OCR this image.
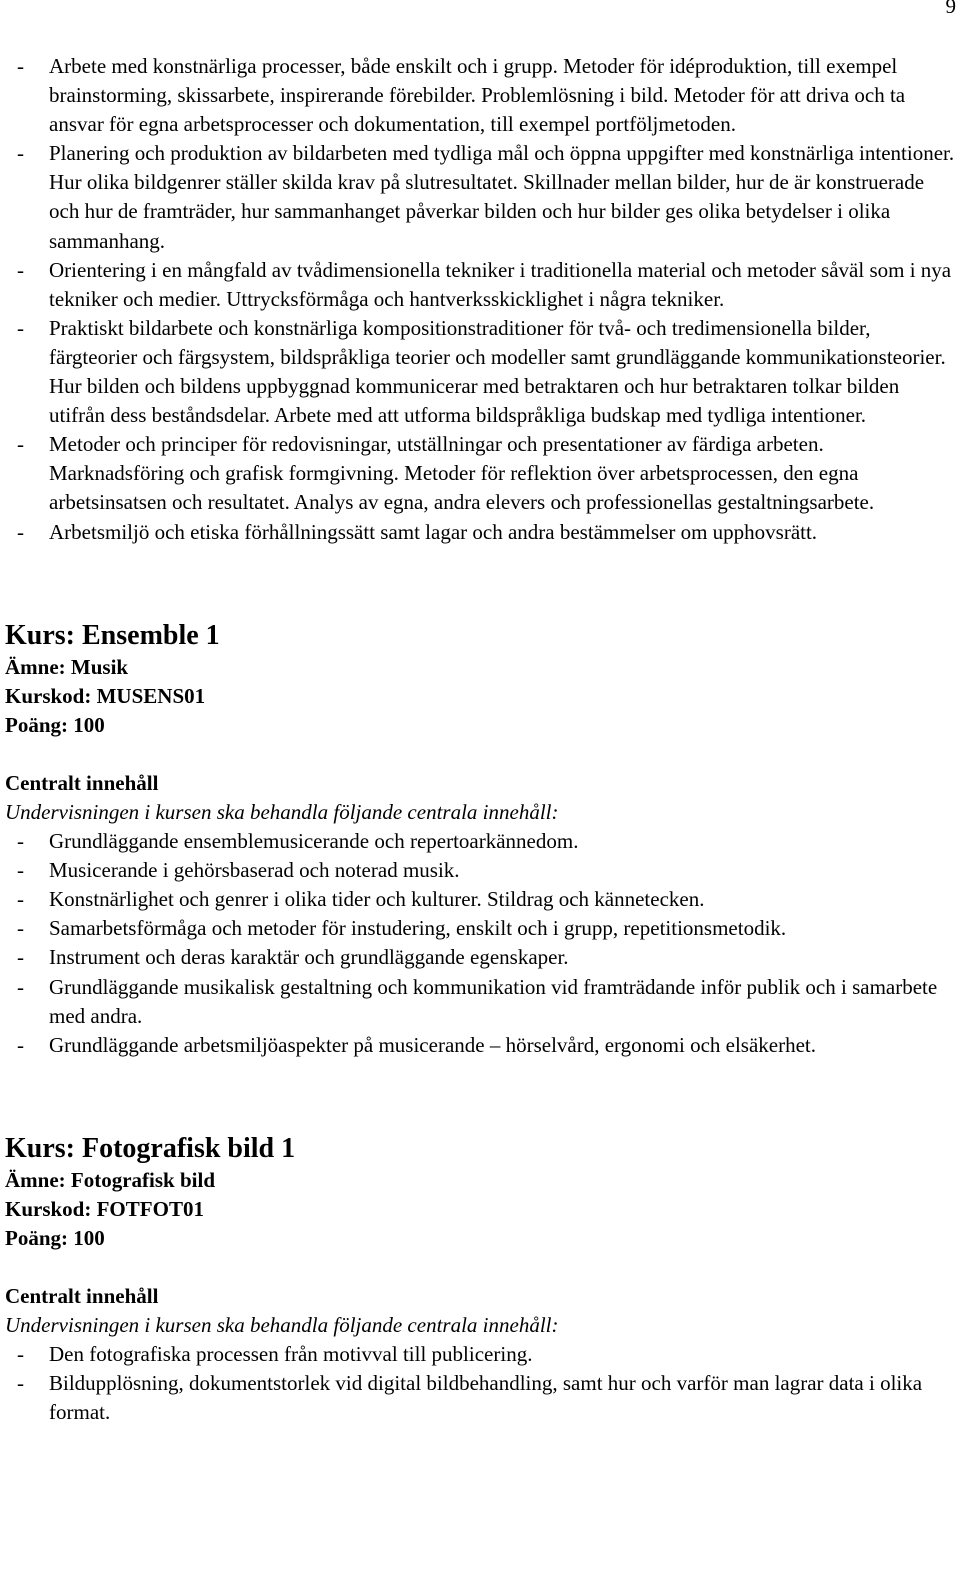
9
- Arbete med konstnärliga processer, både enskilt och i grupp. Metoder för idéproduktion, till exempel brainstorming, skissarbete, inspirerande förebilder. Problemlösning i bild. Metoder för att driva och ta ansvar för egna arbetsprocesser och dokumentation, till exempel portföljmetoden.
- Planering och produktion av bildarbeten med tydliga mål och öppna uppgifter med konstnärliga intentioner. Hur olika bildgenrer ställer skilda krav på slutresultatet. Skillnader mellan bilder, hur de är konstruerade och hur de framträder, hur sammanhanget påverkar bilden och hur bilder ges olika betydelser i olika sammanhang.
- Orientering i en mångfald av tvådimensionella tekniker i traditionella material och metoder såväl som i nya tekniker och medier. Uttrycksförmåga och hantverksskicklighet i några tekniker.
- Praktiskt bildarbete och konstnärliga kompositionstraditioner för två- och tredimensionella bilder, färgteorier och färgsystem, bildspråkliga teorier och modeller samt grundläggande kommunikationsteorier. Hur bilden och bildens uppbyggnad kommunicerar med betraktaren och hur betraktaren tolkar bilden utifrån dess beståndsdelar. Arbete med att utforma bildspråkliga budskap med tydliga intentioner.
- Metoder och principer för redovisningar, utställningar och presentationer av färdiga arbeten. Marknadsföring och grafisk formgivning. Metoder för reflektion över arbetsprocessen, den egna arbetsinsatsen och resultatet. Analys av egna, andra elevers och professionellas gestaltningsarbete.
- Arbetsmiljö och etiska förhållningssätt samt lagar och andra bestämmelser om upphovsrätt.

Kurs: Ensemble 1

Ämne: Musik

Kurskod: MUSENS01

Poäng: 100

Centralt innehåll

Undervisningen i kursen ska behandla följande centrala innehåll:

- Grundläggande ensemblemusicerande och repertoarkännedom.
- Musicerande i gehörsbaserad och noterad musik.
- Konstnärlighet och genrer i olika tider och kulturer. Stildrag och kännetecken.
- Samarbetsförmåga och metoder för instudering, enskilt och i grupp, repetitionsmetodik.
- Instrument och deras karaktär och grundläggande egenskaper.
- Grundläggande musikalisk gestaltning och kommunikation vid framträdande inför publik och i samarbete med andra.
- Grundläggande arbetsmiljöaspekter på musicerande – hörselvård, ergonomi och elsäkerhet.

Kurs: Fotografisk bild 1

Ämne: Fotografisk bild

Kurskod: FOTFOT01

Poäng: 100

Centralt innehåll

Undervisningen i kursen ska behandla följande centrala innehåll:

- Den fotografiska processen från motivval till publicering.
- Bildupplösning, dokumentstorlek vid digital bildbehandling, samt hur och varför man lagrar data i olika format.
